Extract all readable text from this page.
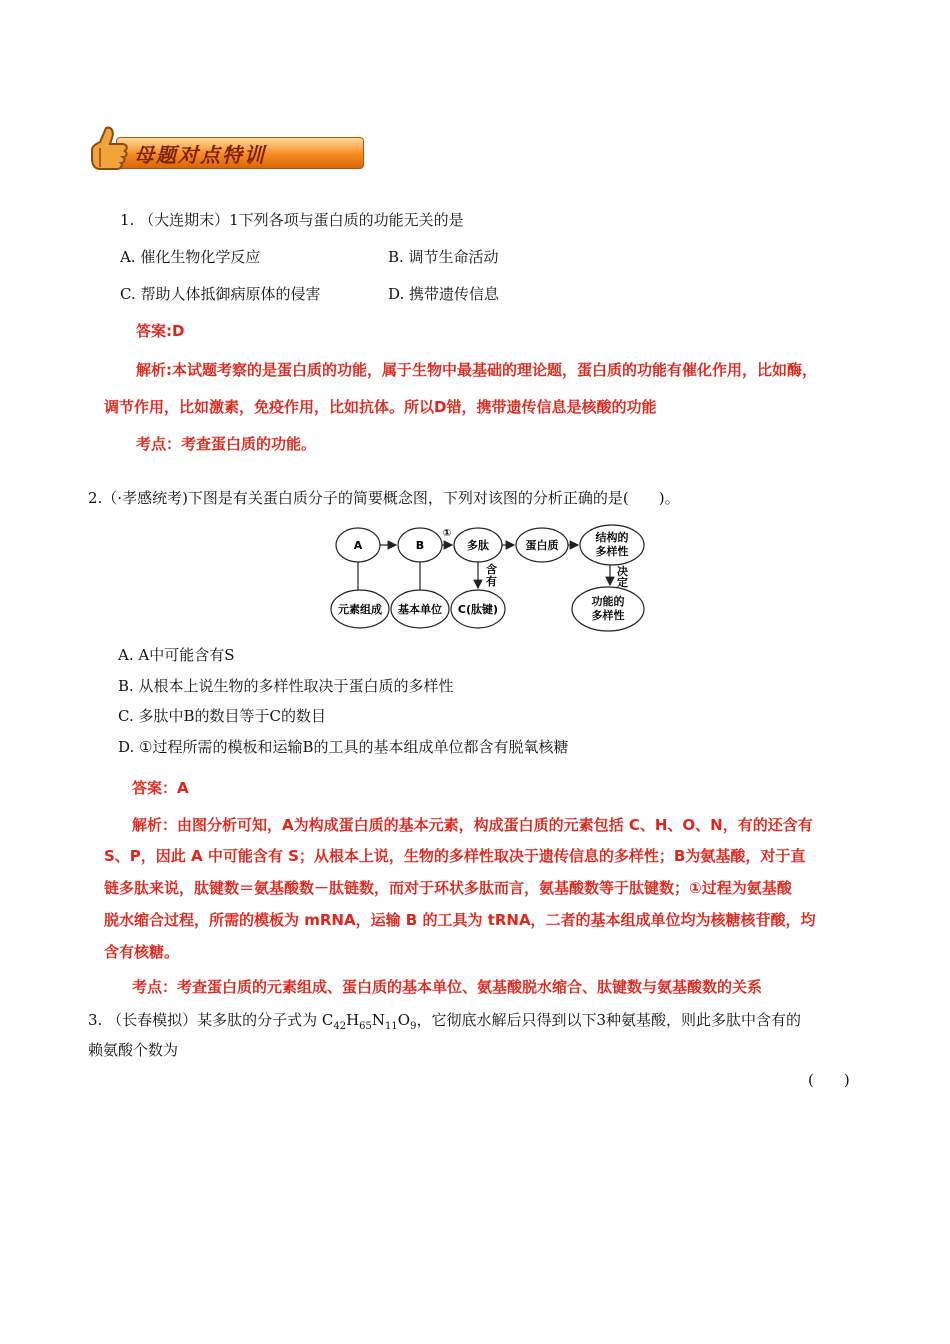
母题对点特训
1. （大连期末）1下列各项与蛋白质的功能无关的是
A. 催化生物化学反应	B. 调节生命活动
C. 帮助人体抵御病原体的侵害	D. 携带遗传信息
答案:D
解析:本试题考察的是蛋白质的功能，属于生物中最基础的理论题，蛋白质的功能有催化作用，比如酶，
调节作用，比如激素，免疫作用，比如抗体。所以D错，携带遗传信息是核酸的功能
考点：考查蛋白质的功能。
2.（·孝感统考)下图是有关蛋白质分子的简要概念图，下列对该图的分析正确的是(　　)。
A	B
①
多肽	蛋白质
结构的
多样性
含
有
决
定
元素组成 基本单位 C(肽键)
功能的
多样性
A. A中可能含有S
B. 从根本上说生物的多样性取决于蛋白质的多样性
C. 多肽中B的数目等于C的数目
D. ①过程所需的模板和运输B的工具的基本组成单位都含有脱氧核糖
答案：A
解析：由图分析可知，A为构成蛋白质的基本元素，构成蛋白质的元素包括 C、H、O、N，有的还含有
S、P，因此 A 中可能含有 S；从根本上说，生物的多样性取决于遗传信息的多样性；B为氨基酸，对于直
链多肽来说，肽键数＝氨基酸数－肽链数，而对于环状多肽而言，氨基酸数等于肽键数；①过程为氨基酸
脱水缩合过程，所需的模板为 mRNA，运输 B 的工具为 tRNA，二者的基本组成单位均为核糖核苷酸，均
含有核糖。
考点：考查蛋白质的元素组成、蛋白质的基本单位、氨基酸脱水缩合、肽键数与氨基酸数的关系
3. （长春模拟）某多肽的分子式为 $C_{42}H_{65}N_{11}O_9$，它彻底水解后只得到以下3种氨基酸，则此多肽中含有的
赖氨酸个数为
(　　)
